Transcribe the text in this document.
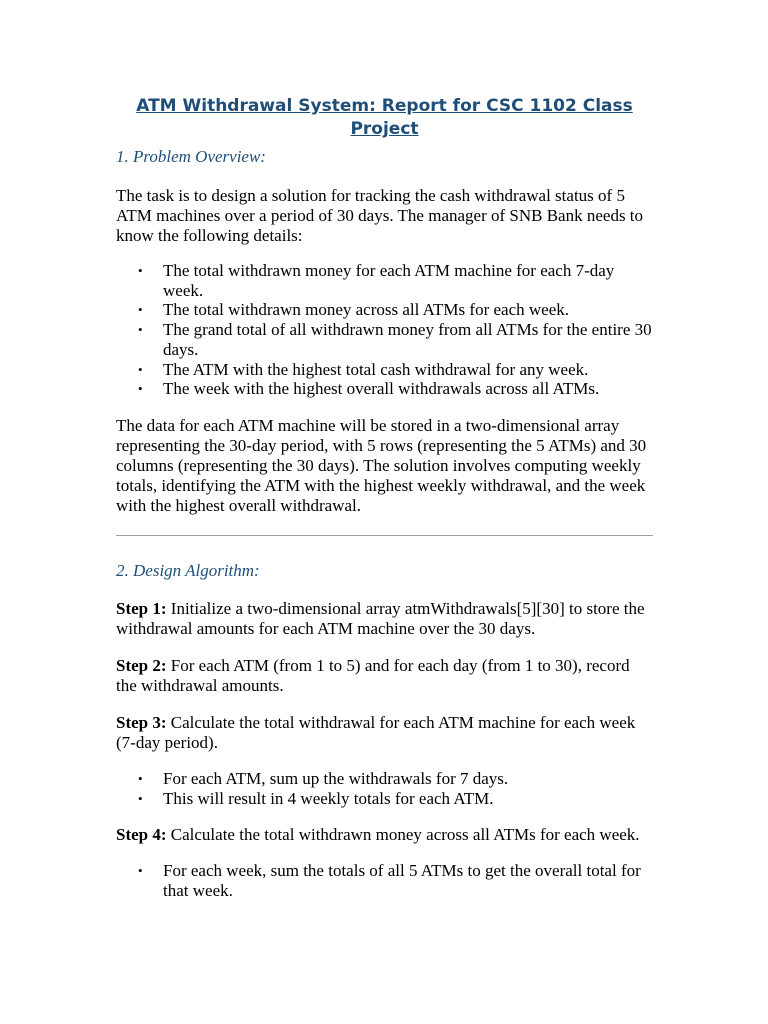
ATM Withdrawal System: Report for CSC 1102 Class Project
1. Problem Overview:

The task is to design a solution for tracking the cash withdrawal status of 5 ATM machines over a period of 30 days. The manager of SNB Bank needs to know the following details:

• The total withdrawn money for each ATM machine for each 7-day week.
• The total withdrawn money across all ATMs for each week.
• The grand total of all withdrawn money from all ATMs for the entire 30 days.
• The ATM with the highest total cash withdrawal for any week.
• The week with the highest overall withdrawals across all ATMs.

The data for each ATM machine will be stored in a two-dimensional array representing the 30-day period, with 5 rows (representing the 5 ATMs) and 30 columns (representing the 30 days). The solution involves computing weekly totals, identifying the ATM with the highest weekly withdrawal, and the week with the highest overall withdrawal.

2. Design Algorithm:

Step 1: Initialize a two-dimensional array atmWithdrawals[5][30] to store the withdrawal amounts for each ATM machine over the 30 days.

Step 2: For each ATM (from 1 to 5) and for each day (from 1 to 30), record the withdrawal amounts.

Step 3: Calculate the total withdrawal for each ATM machine for each week (7-day period).

• For each ATM, sum up the withdrawals for 7 days.
• This will result in 4 weekly totals for each ATM.

Step 4: Calculate the total withdrawn money across all ATMs for each week.

• For each week, sum the totals of all 5 ATMs to get the overall total for that week.
